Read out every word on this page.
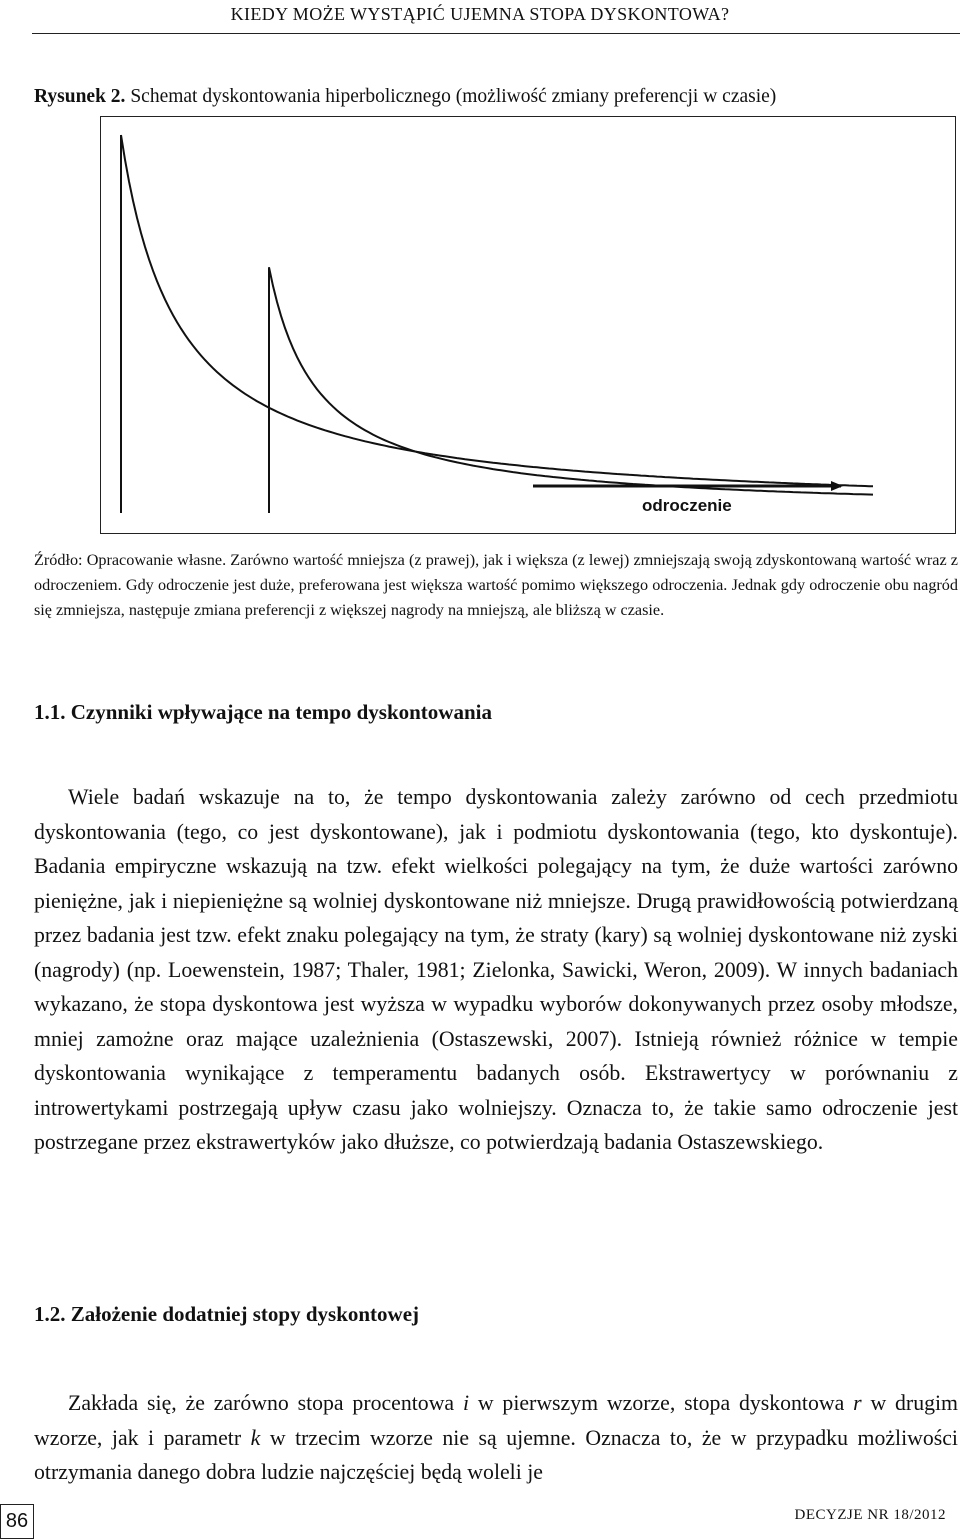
KIEDY MOŻE WYSTĄPIĆ UJEMNA STOPA DYSKONTOWA?
Rysunek 2. Schemat dyskontowania hiperbolicznego (możliwość zmiany preferencji w czasie)
odroczenie
Źródło: Opracowanie własne. Zarówno wartość mniejsza (z prawej), jak i większa (z lewej) zmniejszają swoją zdyskontowaną wartość wraz z odroczeniem. Gdy odroczenie jest duże, preferowana jest większa wartość pomimo większego odroczenia. Jednak gdy odroczenie obu nagród się zmniejsza, następuje zmiana preferencji z większej nagrody na mniejszą, ale bliższą w czasie.
1.1. Czynniki wpływające na tempo dyskontowania
Wiele badań wskazuje na to, że tempo dyskontowania zależy zarówno od cech przedmiotu dyskontowania (tego, co jest dyskontowane), jak i podmiotu dyskontowania (tego, kto dyskontuje). Badania empiryczne wskazują na tzw. efekt wielkości polegający na tym, że duże wartości zarówno pieniężne, jak i niepieniężne są wolniej dyskontowane niż mniejsze. Drugą prawidłowością potwierdzaną przez badania jest tzw. efekt znaku polegający na tym, że straty (kary) są wolniej dyskontowane niż zyski (nagrody) (np. Loewenstein, 1987; Thaler, 1981; Zielonka, Sawicki, Weron, 2009). W innych badaniach wykazano, że stopa dyskontowa jest wyższa w wypadku wyborów dokonywanych przez osoby młodsze, mniej zamożne oraz mające uzależnienia (Ostaszewski, 2007). Istnieją również różnice w tempie dyskontowania wynikające z temperamentu badanych osób. Ekstrawertycy w porównaniu z introwertykami postrzegają upływ czasu jako wolniejszy. Oznacza to, że takie samo odroczenie jest postrzegane przez ekstrawertyków jako dłuższe, co potwierdzają badania Ostaszewskiego.
1.2. Założenie dodatniej stopy dyskontowej
Zakłada się, że zarówno stopa procentowa i w pierwszym wzorze, stopa dyskontowa r w drugim wzorze, jak i parametr k w trzecim wzorze nie są ujemne. Oznacza to, że w przypadku możliwości otrzymania danego dobra ludzie najczęściej będą woleli je
86	DECYZJE NR 18/2012
